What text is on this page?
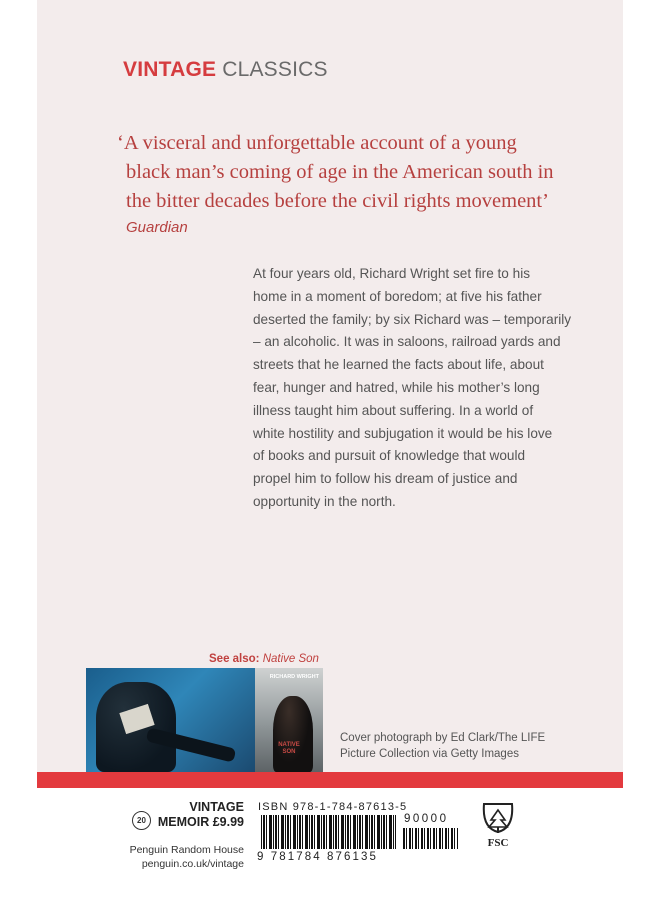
VINTAGE CLASSICS

‘A visceral and unforgettable account of a young

black man’s coming of age in the American south in

the bitter decades before the civil rights movement’

Guardian

At four years old, Richard Wright set fire to his

home in a moment of boredom; at five his father

deserted the family; by six Richard was – temporarily

– an alcoholic. It was in saloons, railroad yards and

streets that he learned the facts about life, about

fear, hunger and hatred, while his mother’s long

illness taught him about suffering. In a world of

white hostility and subjugation it would be his love

of books and pursuit of knowledge that would

propel him to follow his dream of justice and

opportunity in the north.

See also: Native Son
RICHARD WRIGHT
NATIVE
SON

Cover photograph by Ed Clark/The LIFE

Picture Collection via Getty Images

20
VINTAGE
MEMOIR £9.99

Penguin Random House

penguin.co.uk/vintage

ISBN 978-1-784-87613-5
90000
9 781784 876135
FSC
